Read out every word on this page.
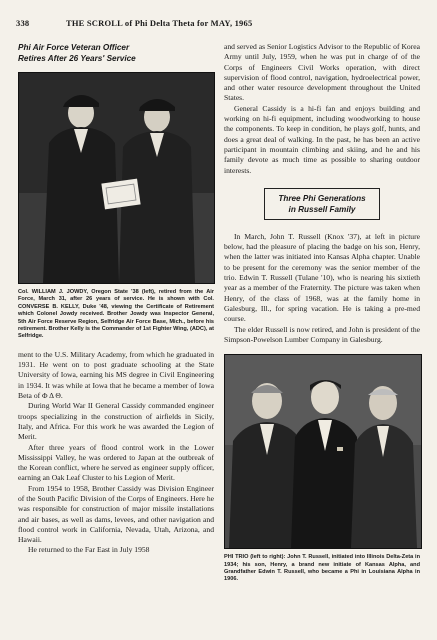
338	THE SCROLL of Phi Delta Theta for MAY, 1965
Phi Air Force Veteran Officer
Retires After 26 Years' Service
Col. WILLIAM J. JOWDY, Oregon State '38 (left), retired from the Air Force, March 31, after 26 years of service. He is shown with Col. CONVERSE B. KELLY, Duke '48, viewing the Certificate of Retirement which Colonel Jowdy received. Brother Jowdy was Inspector General, 5th Air Force Reserve Region, Selfridge Air Force Base, Mich., before his retirement. Brother Kelly is the Commander of 1st Fighter Wing, (ADC), at Selfridge.

ment to the U.S. Military Academy, from which he graduated in 1931. He went on to post graduate schooling at the State University of Iowa, earning his MS degree in Civil Engineering in 1934. It was while at Iowa that he became a member of Iowa Beta of Φ Δ Θ.

During World War II General Cassidy commanded engineer troops specializing in the construction of airfields in Sicily, Italy, and Africa. For this work he was awarded the Legion of Merit.

After three years of flood control work in the Lower Mississippi Valley, he was ordered to Japan at the outbreak of the Korean conflict, where he served as engineer supply officer, earning an Oak Leaf Cluster to his Legion of Merit.

From 1954 to 1958, Brother Cassidy was Division Engineer of the South Pacific Division of the Corps of Engineers. Here he was responsible for construction of major missile installations and air bases, as well as dams, levees, and other navigation and flood control work in California, Nevada, Utah, Arizona, and Hawaii.

He returned to the Far East in July 1958

and served as Senior Logistics Advisor to the Republic of Korea Army until July, 1959, when he was put in charge of of the Corps of Engineers Civil Works operation, with direct supervision of flood control, navigation, hydroelectrical power, and other water resource development throughout the United States.

General Cassidy is a hi-fi fan and enjoys building and working on hi-fi equipment, including woodworking to house the components. To keep in condition, he plays golf, hunts, and does a great deal of walking. In the past, he has been an active participant in mountain climbing and skiing, and he and his family devote as much time as possible to sharing outdoor interests.

Three Phi Generations
in Russell Family

In March, John T. Russell (Knox '37), at left in picture below, had the pleasure of placing the badge on his son, Henry, when the latter was initiated into Kansas Alpha chapter. Unable to be present for the ceremony was the senior member of the trio. Edwin T. Russell (Tulane '10), who is nearing his sixtieth year as a member of the Fraternity. The picture was taken when Henry, of the class of 1968, was at the family home in Galesburg, Ill., for spring vacation. He is taking a pre-med course.

The elder Russell is now retired, and John is president of the Simpson-Powelson Lumber Company in Galesburg.

PHI TRIO (left to right): John T. Russell, initiated into Illinois Delta-Zeta in 1934; his son, Henry, a brand new initiate of Kansas Alpha, and Grandfather Edwin T. Russell, who became a Phi in Louisiana Alpha in 1906.
